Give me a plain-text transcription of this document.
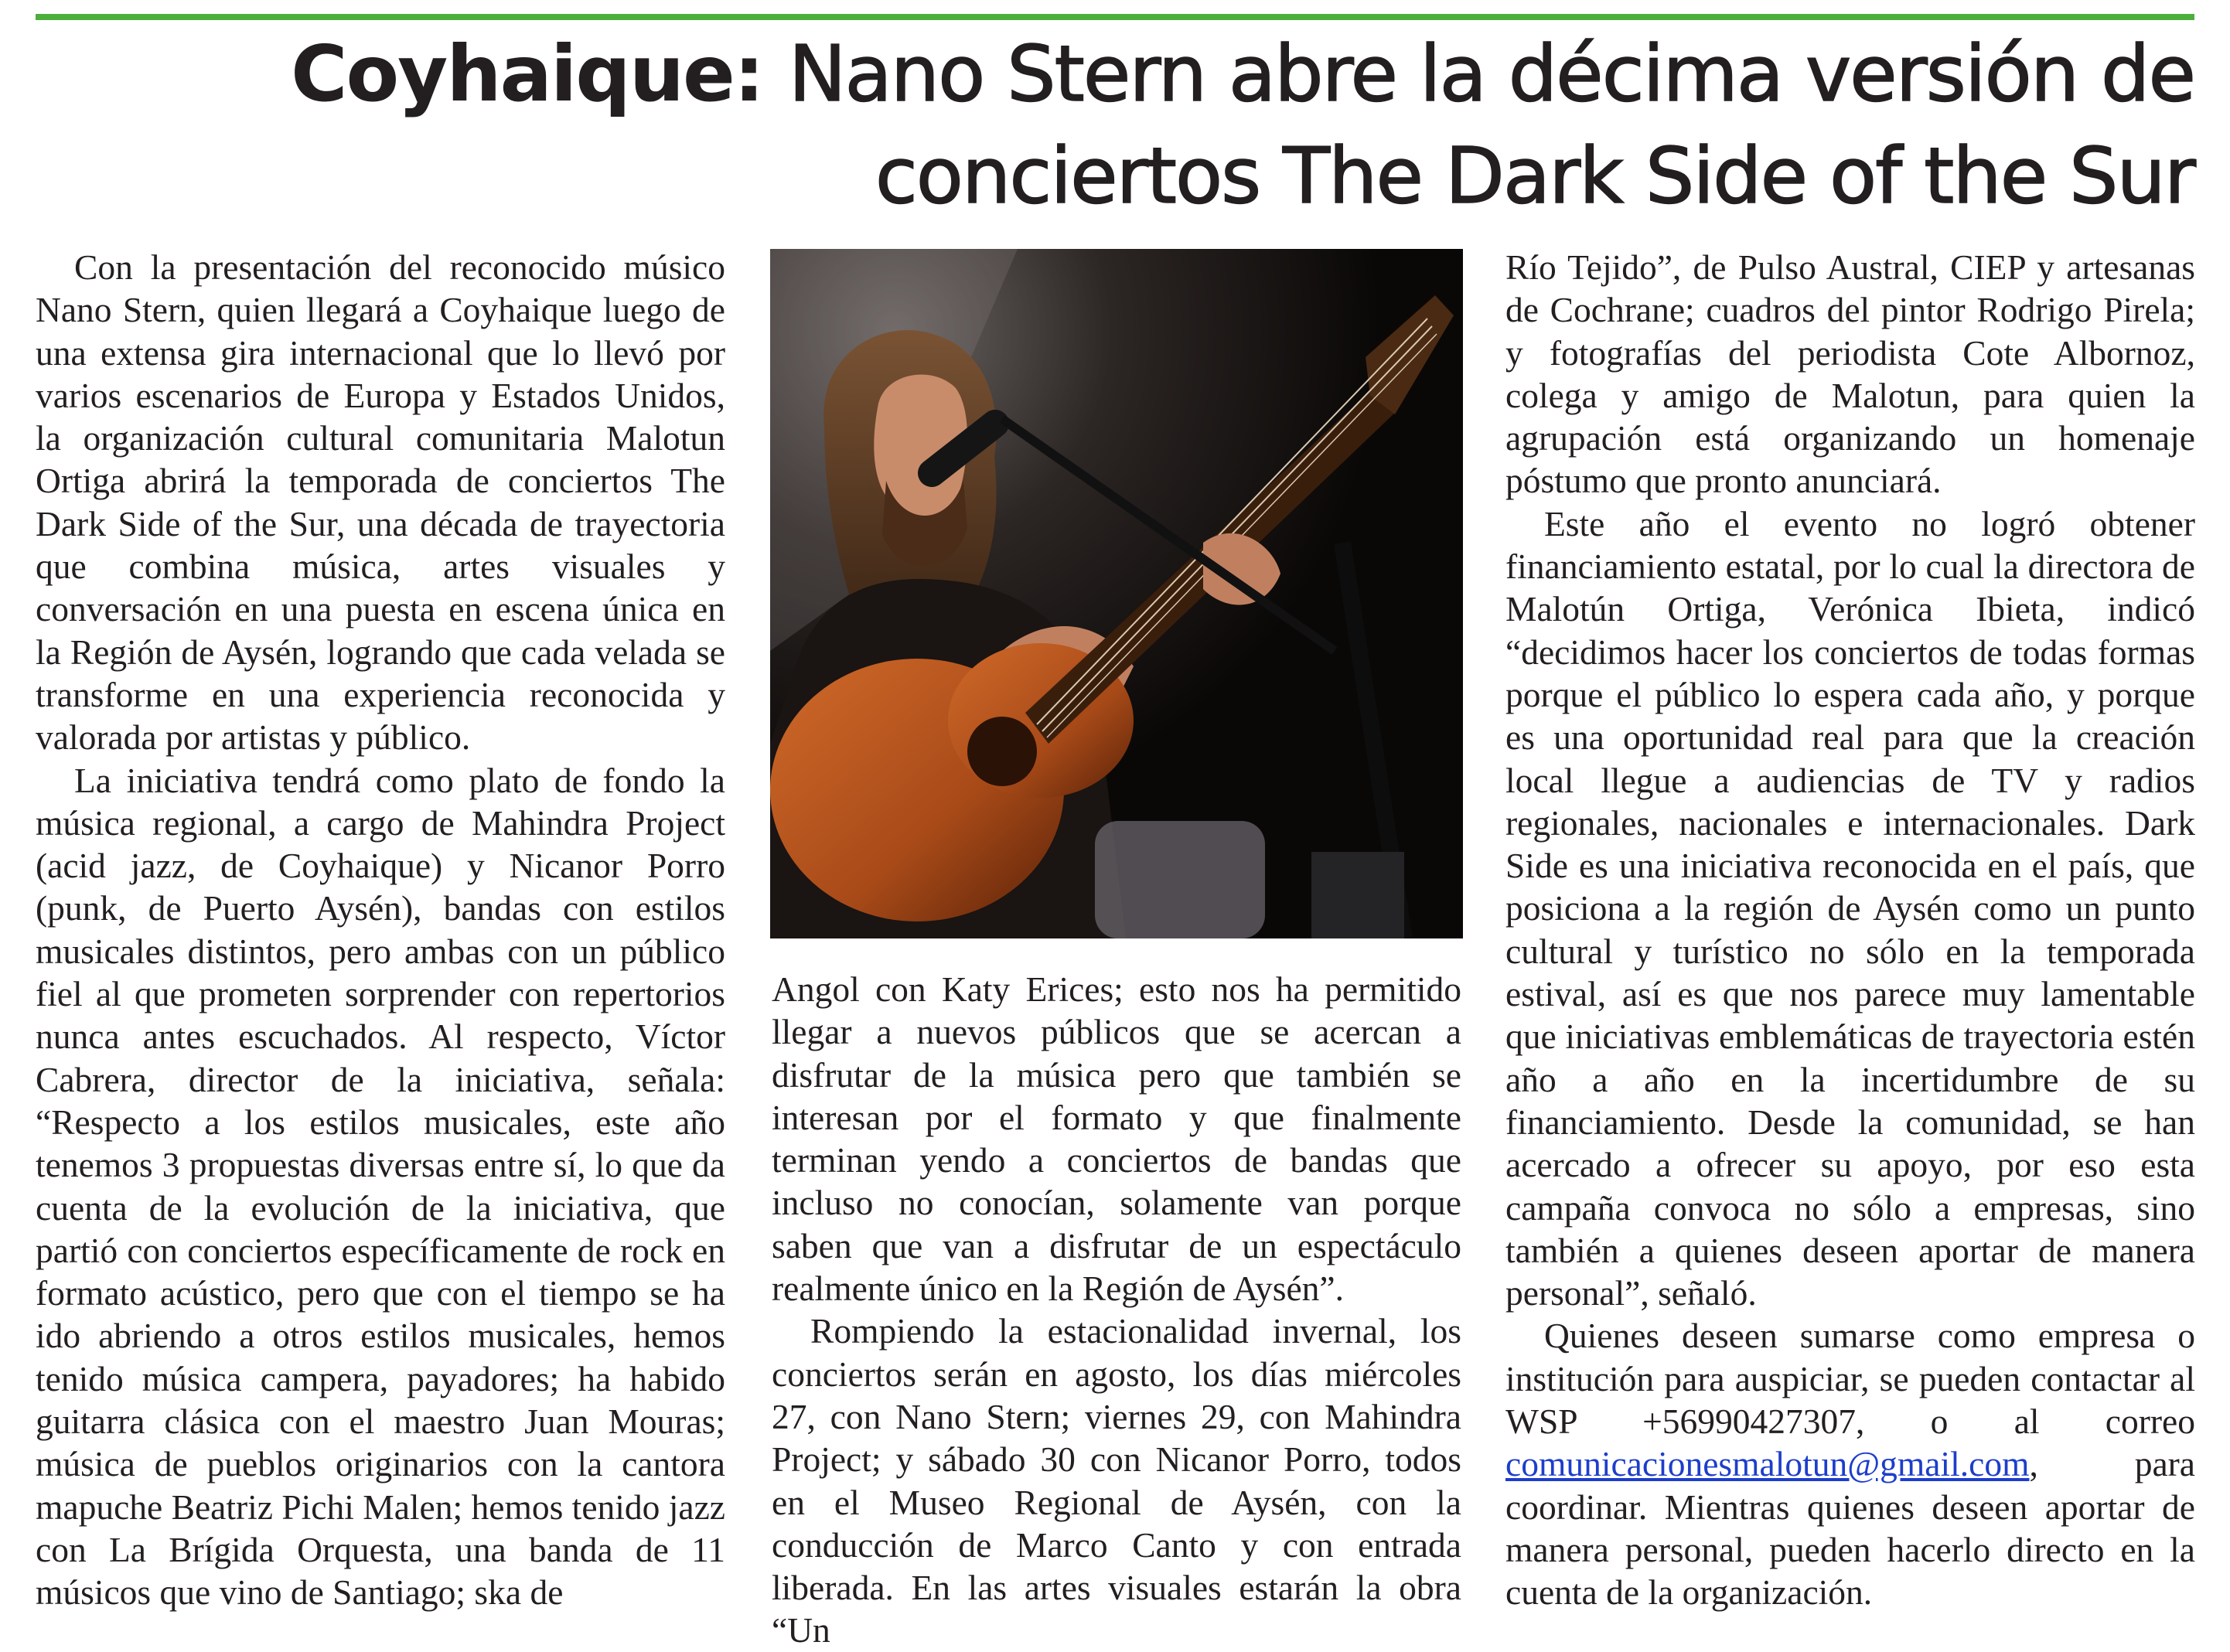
Coyhaique: Nano Stern abre la décima versión de conciertos The Dark Side of the Sur

Con la presentación del reconocido músico Nano Stern, quien llegará a Coyhaique luego de una extensa gira internacional que lo llevó por varios escenarios de Europa y Estados Unidos, la organización cultural comunitaria Malotun Ortiga abrirá la temporada de conciertos The Dark Side of the Sur, una década de trayectoria que combina música, artes visuales y conversación en una puesta en escena única en la Región de Aysén, logrando que cada velada se transforme en una experiencia reconocida y valorada por artistas y público.

La iniciativa tendrá como plato de fondo la música regional, a cargo de Mahindra Project (acid jazz, de Coyhaique) y Nicanor Porro (punk, de Puerto Aysén), bandas con estilos musicales distintos, pero ambas con un público fiel al que prometen sorprender con repertorios nunca antes escuchados. Al respecto, Víctor Cabrera, director de la iniciativa, señala: “Respecto a los estilos musicales, este año tenemos 3 propuestas diversas entre sí, lo que da cuenta de la evolución de la iniciativa, que partió con conciertos específicamente de rock en formato acústico, pero que con el tiempo se ha ido abriendo a otros estilos musicales, hemos tenido música campera, payadores; ha habido guitarra clásica con el maestro Juan Mouras; música de pueblos originarios con la cantora mapuche Beatriz Pichi Malen; hemos tenido jazz con La Brígida Orquesta, una banda de 11 músicos que vino de Santiago; ska de

Angol con Katy Erices; esto nos ha permitido llegar a nuevos públicos que se acercan a disfrutar de la música pero que también se interesan por el formato y que finalmente terminan yendo a conciertos de bandas que incluso no conocían, solamente van porque saben que van a disfrutar de un espectáculo realmente único en la Región de Aysén”.

Rompiendo la estacionalidad invernal, los conciertos serán en agosto, los días miércoles 27, con Nano Stern; viernes 29, con Mahindra Project; y sábado 30 con Nicanor Porro, todos en el Museo Regional de Aysén, con la conducción de Marco Canto y con entrada liberada. En las artes visuales estarán la obra “Un

Río Tejido”, de Pulso Austral, CIEP y artesanas de Cochrane; cuadros del pintor Rodrigo Pirela; y fotografías del periodista Cote Albornoz, colega y amigo de Malotun, para quien la agrupación está organizando un homenaje póstumo que pronto anunciará.

Este año el evento no logró obtener financiamiento estatal, por lo cual la directora de Malotún Ortiga, Verónica Ibieta, indicó “decidimos hacer los conciertos de todas formas porque el público lo espera cada año, y porque es una oportunidad real para que la creación local llegue a audiencias de TV y radios regionales, nacionales e internacionales. Dark Side es una iniciativa reconocida en el país, que posiciona a la región de Aysén como un punto cultural y turístico no sólo en la temporada estival, así es que nos parece muy lamentable que iniciativas emblemáticas de trayectoria estén año a año en la incertidumbre de su financiamiento. Desde la comunidad, se han acercado a ofrecer su apoyo, por eso esta campaña convoca no sólo a empresas, sino también a quienes deseen aportar de manera personal”, señaló.

Quienes deseen sumarse como empresa o institución para auspiciar, se pueden contactar al WSP +56990427307, o al correo comunicacionesmalotun@gmail.com, para coordinar. Mientras quienes deseen aportar de manera personal, pueden hacerlo directo en la cuenta de la organización.
